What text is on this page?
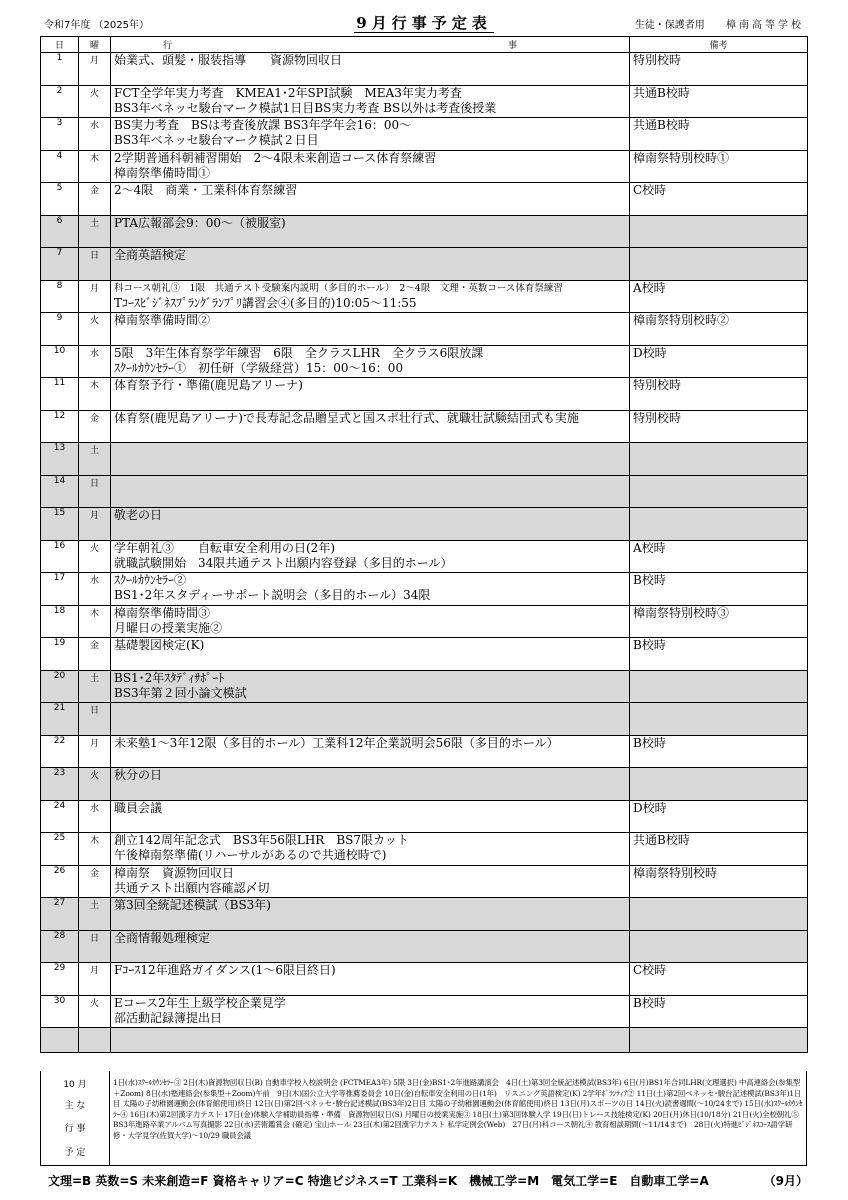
令和7年度 （2025年）	9月行事予定表	生徒・保護者用 樟南高等学校
日	曜	行　　　　事	備考
1	月	始業式、頭髪・服装指導　　資源物回収日	特別校時
2	火	FCT全学年実力考査　KMEA1･2年SPI試験　MEA3年実力考査
BS3年ベネッセ駿台マーク模試1日目BS実力考査 BS以外は考査後授業	共通B校時
3	水	BS実力考査　BSは考査後放課 BS3年学年会16：00～
BS3年ベネッセ駿台マーク模試２日目	共通B校時
4	木	2学期普通科朝補習開始　2～4限未来創造コース体育祭練習
樟南祭準備時間①	樟南祭特別校時①
5	金	2～4限　商業・工業科体育祭練習	C校時
6	土	PTA広報部会9：00～（被服室)	

7	日	全商英語検定	

8	月	科コース朝礼③　1限　共通テスト受験案内説明（多目的ホール）　2～4限　文理・英数コース体育祭練習
Tｺｰｽﾋﾞｼﾞﾈｽﾌﾟﾗﾝｸﾞﾗﾝﾌﾟﾘ講習会④(多目的)10:05～11:55	A校時
9	火	樟南祭準備時間②	樟南祭特別校時②
10	水	5限　3年生体育祭学年練習　6限　全クラスLHR　全クラス6限放課
ｽｸｰﾙｶｳﾝｾﾗｰ①　初任研（学級経営）15：00～16：00	D校時
11	木	体育祭予行・準備(鹿児島アリーナ)	特別校時
12	金	体育祭(鹿児島アリーナ)で長寿記念品贈呈式と国スポ壮行式、就職壮試験結団式も実施	特別校時
13	土	

14	日	

15	月	敬老の日	

16	火	学年朝礼③　　自転車安全利用の日(2年)
就職試験開始　34限共通テスト出願内容登録（多目的ホール）	A校時
17	水	ｽｸｰﾙｶｳﾝｾﾗｰ②
BS1･2年スタディーサポート説明会（多目的ホール）34限	B校時
18	木	樟南祭準備時間③
月曜日の授業実施②	樟南祭特別校時③
19	金	基礎製図検定(K)	B校時
20	土	BS1･2年ｽﾀﾃﾞｨｻﾎﾟｰﾄ
BS3年第２回小論文模試	

21	日	

22	月	未来塾1～3年12限（多目的ホール）工業科12年企業説明会56限（多目的ホール）	B校時
23	火	秋分の日	

24	水	職員会議	D校時
25	木	創立142周年記念式　BS3年56限LHR　BS7限カット
午後樟南祭準備(リハーサルがあるので共通校時で)	共通B校時
26	金	樟南祭　資源物回収日
共通テスト出願内容確認〆切	樟南祭特別校時
27	土	第3回全統記述模試（BS3年)	

28	日	全商情報処理検定	

29	月	Fｺｰｽ12年進路ガイダンス(1～6限目終日)	C校時
30	火	Eコース2年生上級学校企業見学
部活動記録簿提出日	B校時

10 月
主 な
行 事
予 定
1日(水)ｽｸｰﾙｶｳﾝｾﾗｰ③ 2日(木)資源物回収日(B) 自動車学校入校説明会 (FCTMEA3年) 5限 3日(金)BS1･2年進路講演会　4日(土)第3回全統記述模試(BS3年) 6日(月)BS1年合同LHR(文理選択) 中高連絡会(参集型＋Zoom) 8日(水)塾連絡会(参集型＋Zoom)午前　9日(木)国公立大学等推薦委員会 10日(金)自転車安全利用の日(1年)　リスニング英語検定(K) 2学年ﾎﾞﾗﾝﾃｨｱ② 11日(土)第2回ベネッセ･駿台記述模試(BS3年)1日目 太陽の子幼稚園運動会(体育館使用)終日 12日(日)第2回ベネッセ･駿台記述模試(BS3年)2日目 太陽の子幼稚園運動会(体育館使用)終日 13日(月)スポーツの日 14日(火)読書週間(～10/24まで) 15日(水)ｽｸｰﾙｶｳﾝｾﾗｰ④ 16日(木)第2回漢字力テスト 17日(金)体験入学補助員指導・準備　資源物回収日(S) 月曜日の授業実施③ 18日(土)第3回体験入学 19日(日)トレース技能検定(K) 20日(月)休日(10/18分) 21日(火)全校朝礼⑤　BS3年進路卒業アルバム写真撮影 22日(水)芸術鑑賞会 (確定) 宝山ホール 23日(木)第2回漢字力テスト 私学定例会(Web)　27日(月)科コース朝礼④ 教育相談期間(～11/14まで)　28日(火)特進ﾋﾞｼﾞﾈｽｺｰｽ語学研修・大学見学(佐賀大学)～10/29 職員会議
文理=B 英数=S 未来創造=F 資格キャリア=C 特進ビジネス=T 工業科=K　機械工学=M　電気工学=E　自動車工学=A	（9月）
